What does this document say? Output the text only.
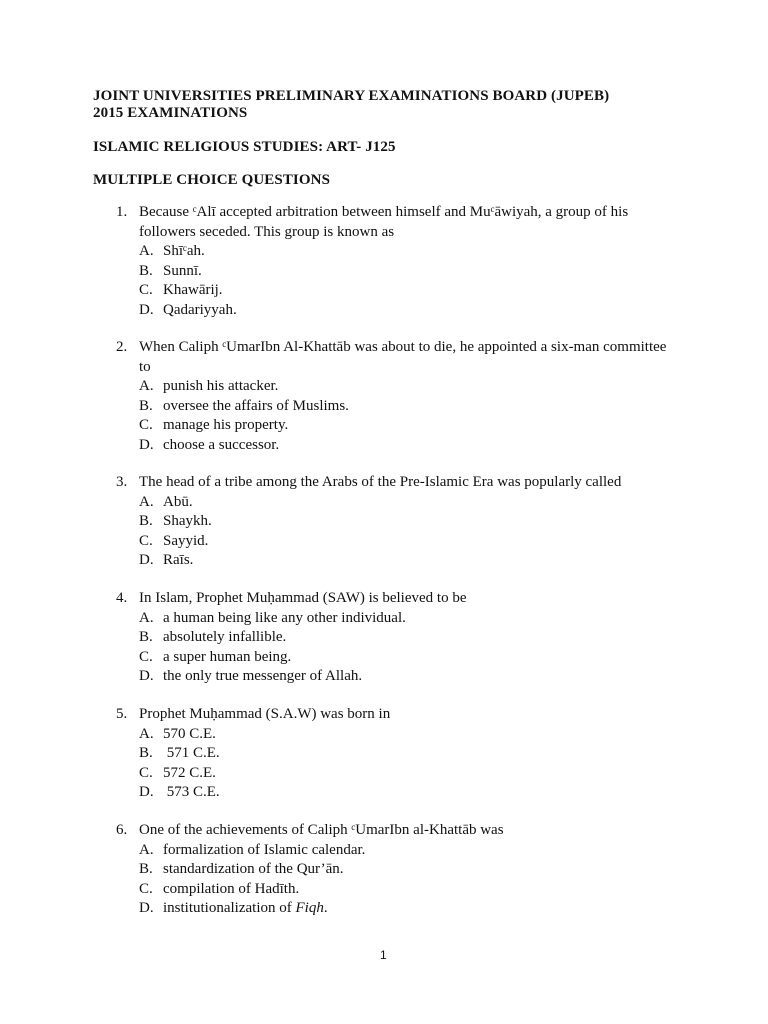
JOINT UNIVERSITIES PRELIMINARY EXAMINATIONS BOARD (JUPEB)
2015 EXAMINATIONS
ISLAMIC RELIGIOUS STUDIES: ART- J125
MULTIPLE CHOICE QUESTIONS
1. Because ᶜAlī accepted arbitration between himself and Muᶜāwiyah, a group of his followers seceded. This group is known as
A. Shīᶜah.
B. Sunnī.
C. Khawārij.
D. Qadariyyah.
2. When Caliph ᶜUmarIbn Al-Khattāb was about to die, he appointed a six-man committee to
A. punish his attacker.
B. oversee the affairs of Muslims.
C. manage his property.
D. choose a successor.
3. The head of a tribe among the Arabs of the Pre-Islamic Era was popularly called
A. Abū.
B. Shaykh.
C. Sayyid.
D. Raīs.
4. In Islam, Prophet Muḥammad (SAW) is believed to be
A. a human being like any other individual.
B. absolutely infallible.
C. a super human being.
D. the only true messenger of Allah.
5. Prophet Muḥammad (S.A.W) was born in
A. 570 C.E.
B. 571 C.E.
C. 572 C.E.
D. 573 C.E.
6. One of the achievements of Caliph ᶜUmarIbn al-Khattāb was
A. formalization of Islamic calendar.
B. standardization of the Qur’ān.
C. compilation of Hadīth.
D. institutionalization of Fiqh.
1
